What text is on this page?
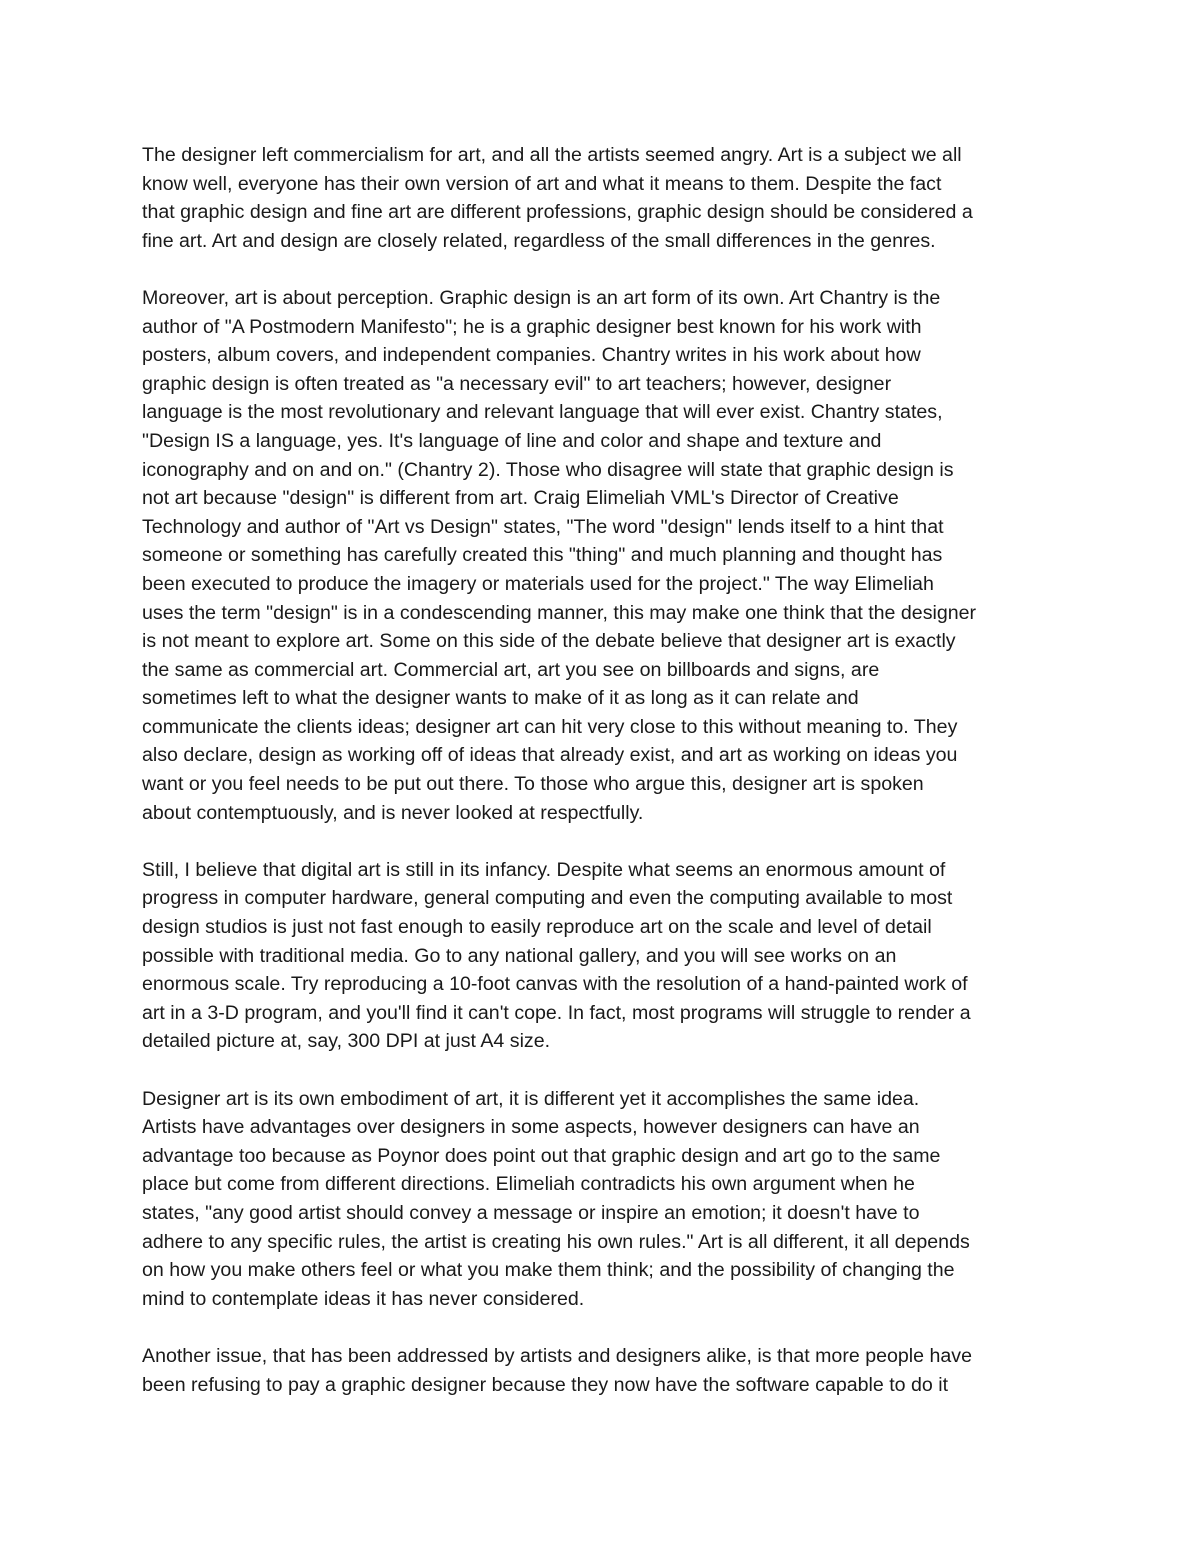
The designer left commercialism for art, and all the artists seemed angry. Art is a subject we all
know well, everyone has their own version of art and what it means to them. Despite the fact
that graphic design and fine art are different professions, graphic design should be considered a
fine art. Art and design are closely related, regardless of the small differences in the genres.

Moreover, art is about perception. Graphic design is an art form of its own. Art Chantry is the
author of "A Postmodern Manifesto"; he is a graphic designer best known for his work with
posters, album covers, and independent companies. Chantry writes in his work about how
graphic design is often treated as "a necessary evil" to art teachers; however, designer
language is the most revolutionary and relevant language that will ever exist. Chantry states,
"Design IS a language, yes. It's language of line and color and shape and texture and
iconography and on and on." (Chantry 2). Those who disagree will state that graphic design is
not art because "design" is different from art. Craig Elimeliah VML's Director of Creative
Technology and author of "Art vs Design" states, "The word "design" lends itself to a hint that
someone or something has carefully created this "thing" and much planning and thought has
been executed to produce the imagery or materials used for the project." The way Elimeliah
uses the term "design" is in a condescending manner, this may make one think that the designer
is not meant to explore art. Some on this side of the debate believe that designer art is exactly
the same as commercial art. Commercial art, art you see on billboards and signs, are
sometimes left to what the designer wants to make of it as long as it can relate and
communicate the clients ideas; designer art can hit very close to this without meaning to. They
also declare, design as working off of ideas that already exist, and art as working on ideas you
want or you feel needs to be put out there. To those who argue this, designer art is spoken
about contemptuously, and is never looked at respectfully.

Still, I believe that digital art is still in its infancy. Despite what seems an enormous amount of
progress in computer hardware, general computing and even the computing available to most
design studios is just not fast enough to easily reproduce art on the scale and level of detail
possible with traditional media. Go to any national gallery, and you will see works on an
enormous scale. Try reproducing a 10-foot canvas with the resolution of a hand-painted work of
art in a 3-D program, and you'll find it can't cope. In fact, most programs will struggle to render a
detailed picture at, say, 300 DPI at just A4 size.

Designer art is its own embodiment of art, it is different yet it accomplishes the same idea.
Artists have advantages over designers in some aspects, however designers can have an
advantage too because as Poynor does point out that graphic design and art go to the same
place but come from different directions. Elimeliah contradicts his own argument when he
states, "any good artist should convey a message or inspire an emotion; it doesn't have to
adhere to any specific rules, the artist is creating his own rules." Art is all different, it all depends
on how you make others feel or what you make them think; and the possibility of changing the
mind to contemplate ideas it has never considered.

Another issue, that has been addressed by artists and designers alike, is that more people have
been refusing to pay a graphic designer because they now have the software capable to do it
